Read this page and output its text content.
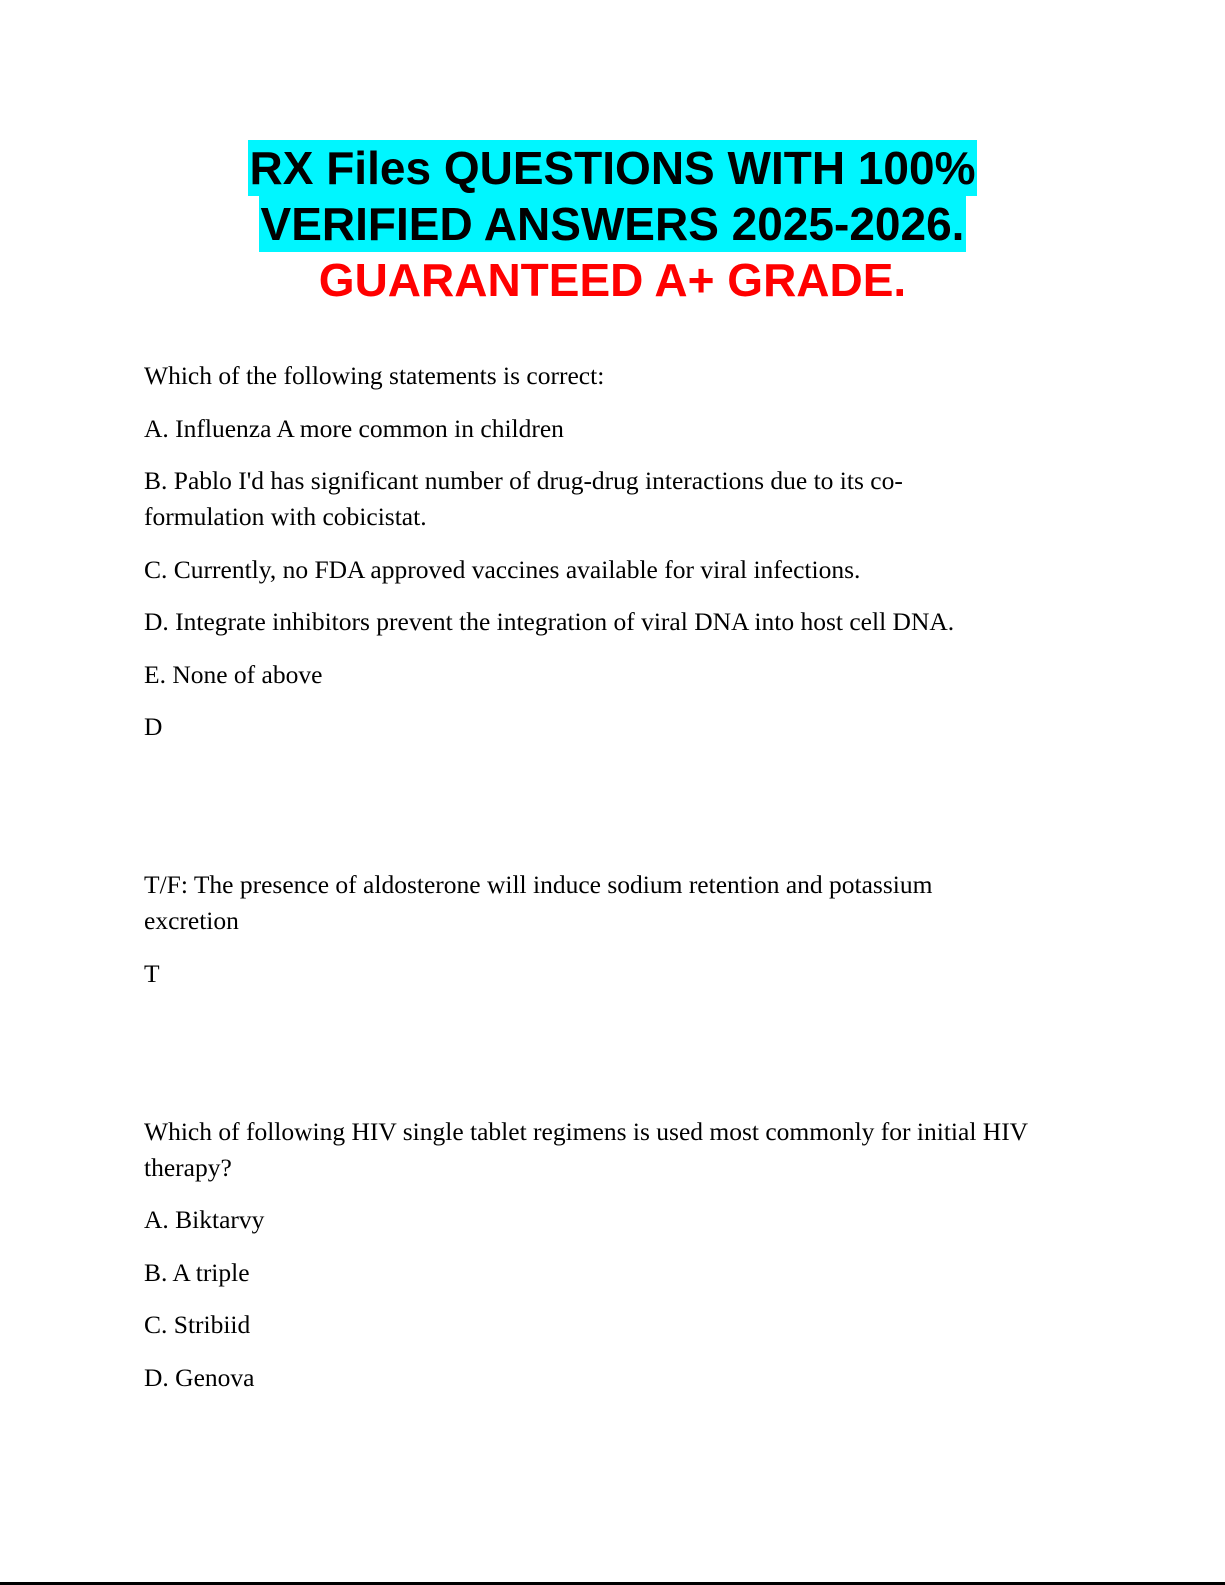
RX Files QUESTIONS WITH 100%
VERIFIED ANSWERS 2025-2026.
GUARANTEED A+ GRADE.

Which of the following statements is correct:

A. Influenza A more common in children

B. Pablo I'd has significant number of drug-drug interactions due to its co-formulation with cobicistat.

C. Currently, no FDA approved vaccines available for viral infections.

D. Integrate inhibitors prevent the integration of viral DNA into host cell DNA.

E. None of above

D

T/F: The presence of aldosterone will induce sodium retention and potassium excretion

T

Which of following HIV single tablet regimens is used most commonly for initial HIV therapy?

A. Biktarvy

B. A triple

C. Stribiid

D. Genova
